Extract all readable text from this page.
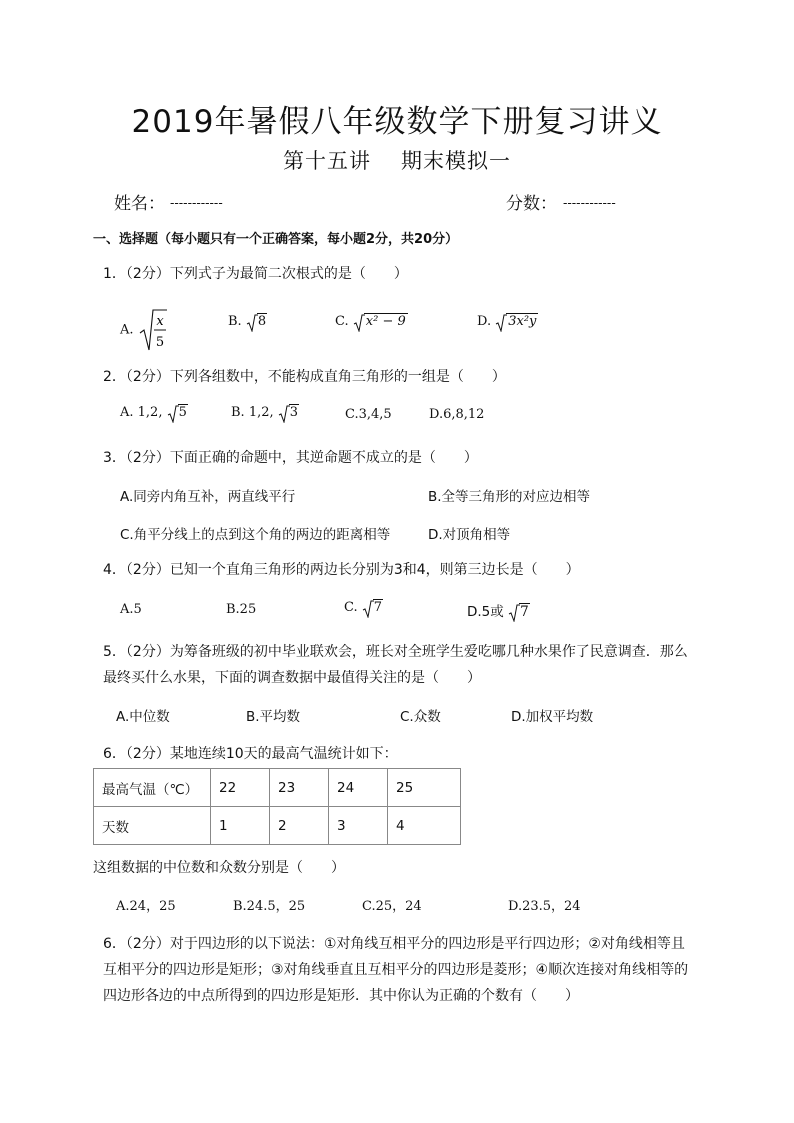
2019年暑假八年级数学下册复习讲义
第十五讲 期末模拟一
姓名： ------------	分数： ------------
一、选择题（每小题只有一个正确答案，每小题2分，共20分）
1．（2分）下列式子为最简二次根式的是（　　）
A.
x
5
B. 8	C. x² − 9	D. 3x²y
2．（2分）下列各组数中，不能构成直角三角形的一组是（　　）
A. 1,2, 5	B. 1,2, 3	C.3,4,5	D.6,8,12
3．（2分）下面正确的命题中，其逆命题不成立的是（　　）
A.同旁内角互补，两直线平行	B.全等三角形的对应边相等
C.角平分线上的点到这个角的两边的距离相等	D.对顶角相等
4．（2分）已知一个直角三角形的两边长分别为3和4，则第三边长是（　　）
A.5	B.25	C. 7	D.5或 7
5．（2分）为筹备班级的初中毕业联欢会，班长对全班学生爱吃哪几种水果作了民意调查．那么
最终买什么水果，下面的调查数据中最值得关注的是（　　）
A.中位数	B.平均数	C.众数	D.加权平均数
6．（2分）某地连续10天的最高气温统计如下：
最高气温（℃）	22	23	24	25
天数	1	2	3	4
这组数据的中位数和众数分别是（　　）
A.24，25	B.24.5，25	C.25，24	D.23.5，24
6．（2分）对于四边形的以下说法：①对角线互相平分的四边形是平行四边形；②对角线相等且
互相平分的四边形是矩形；③对角线垂直且互相平分的四边形是菱形；④顺次连接对角线相等的
四边形各边的中点所得到的四边形是矩形．其中你认为正确的个数有（　　）
